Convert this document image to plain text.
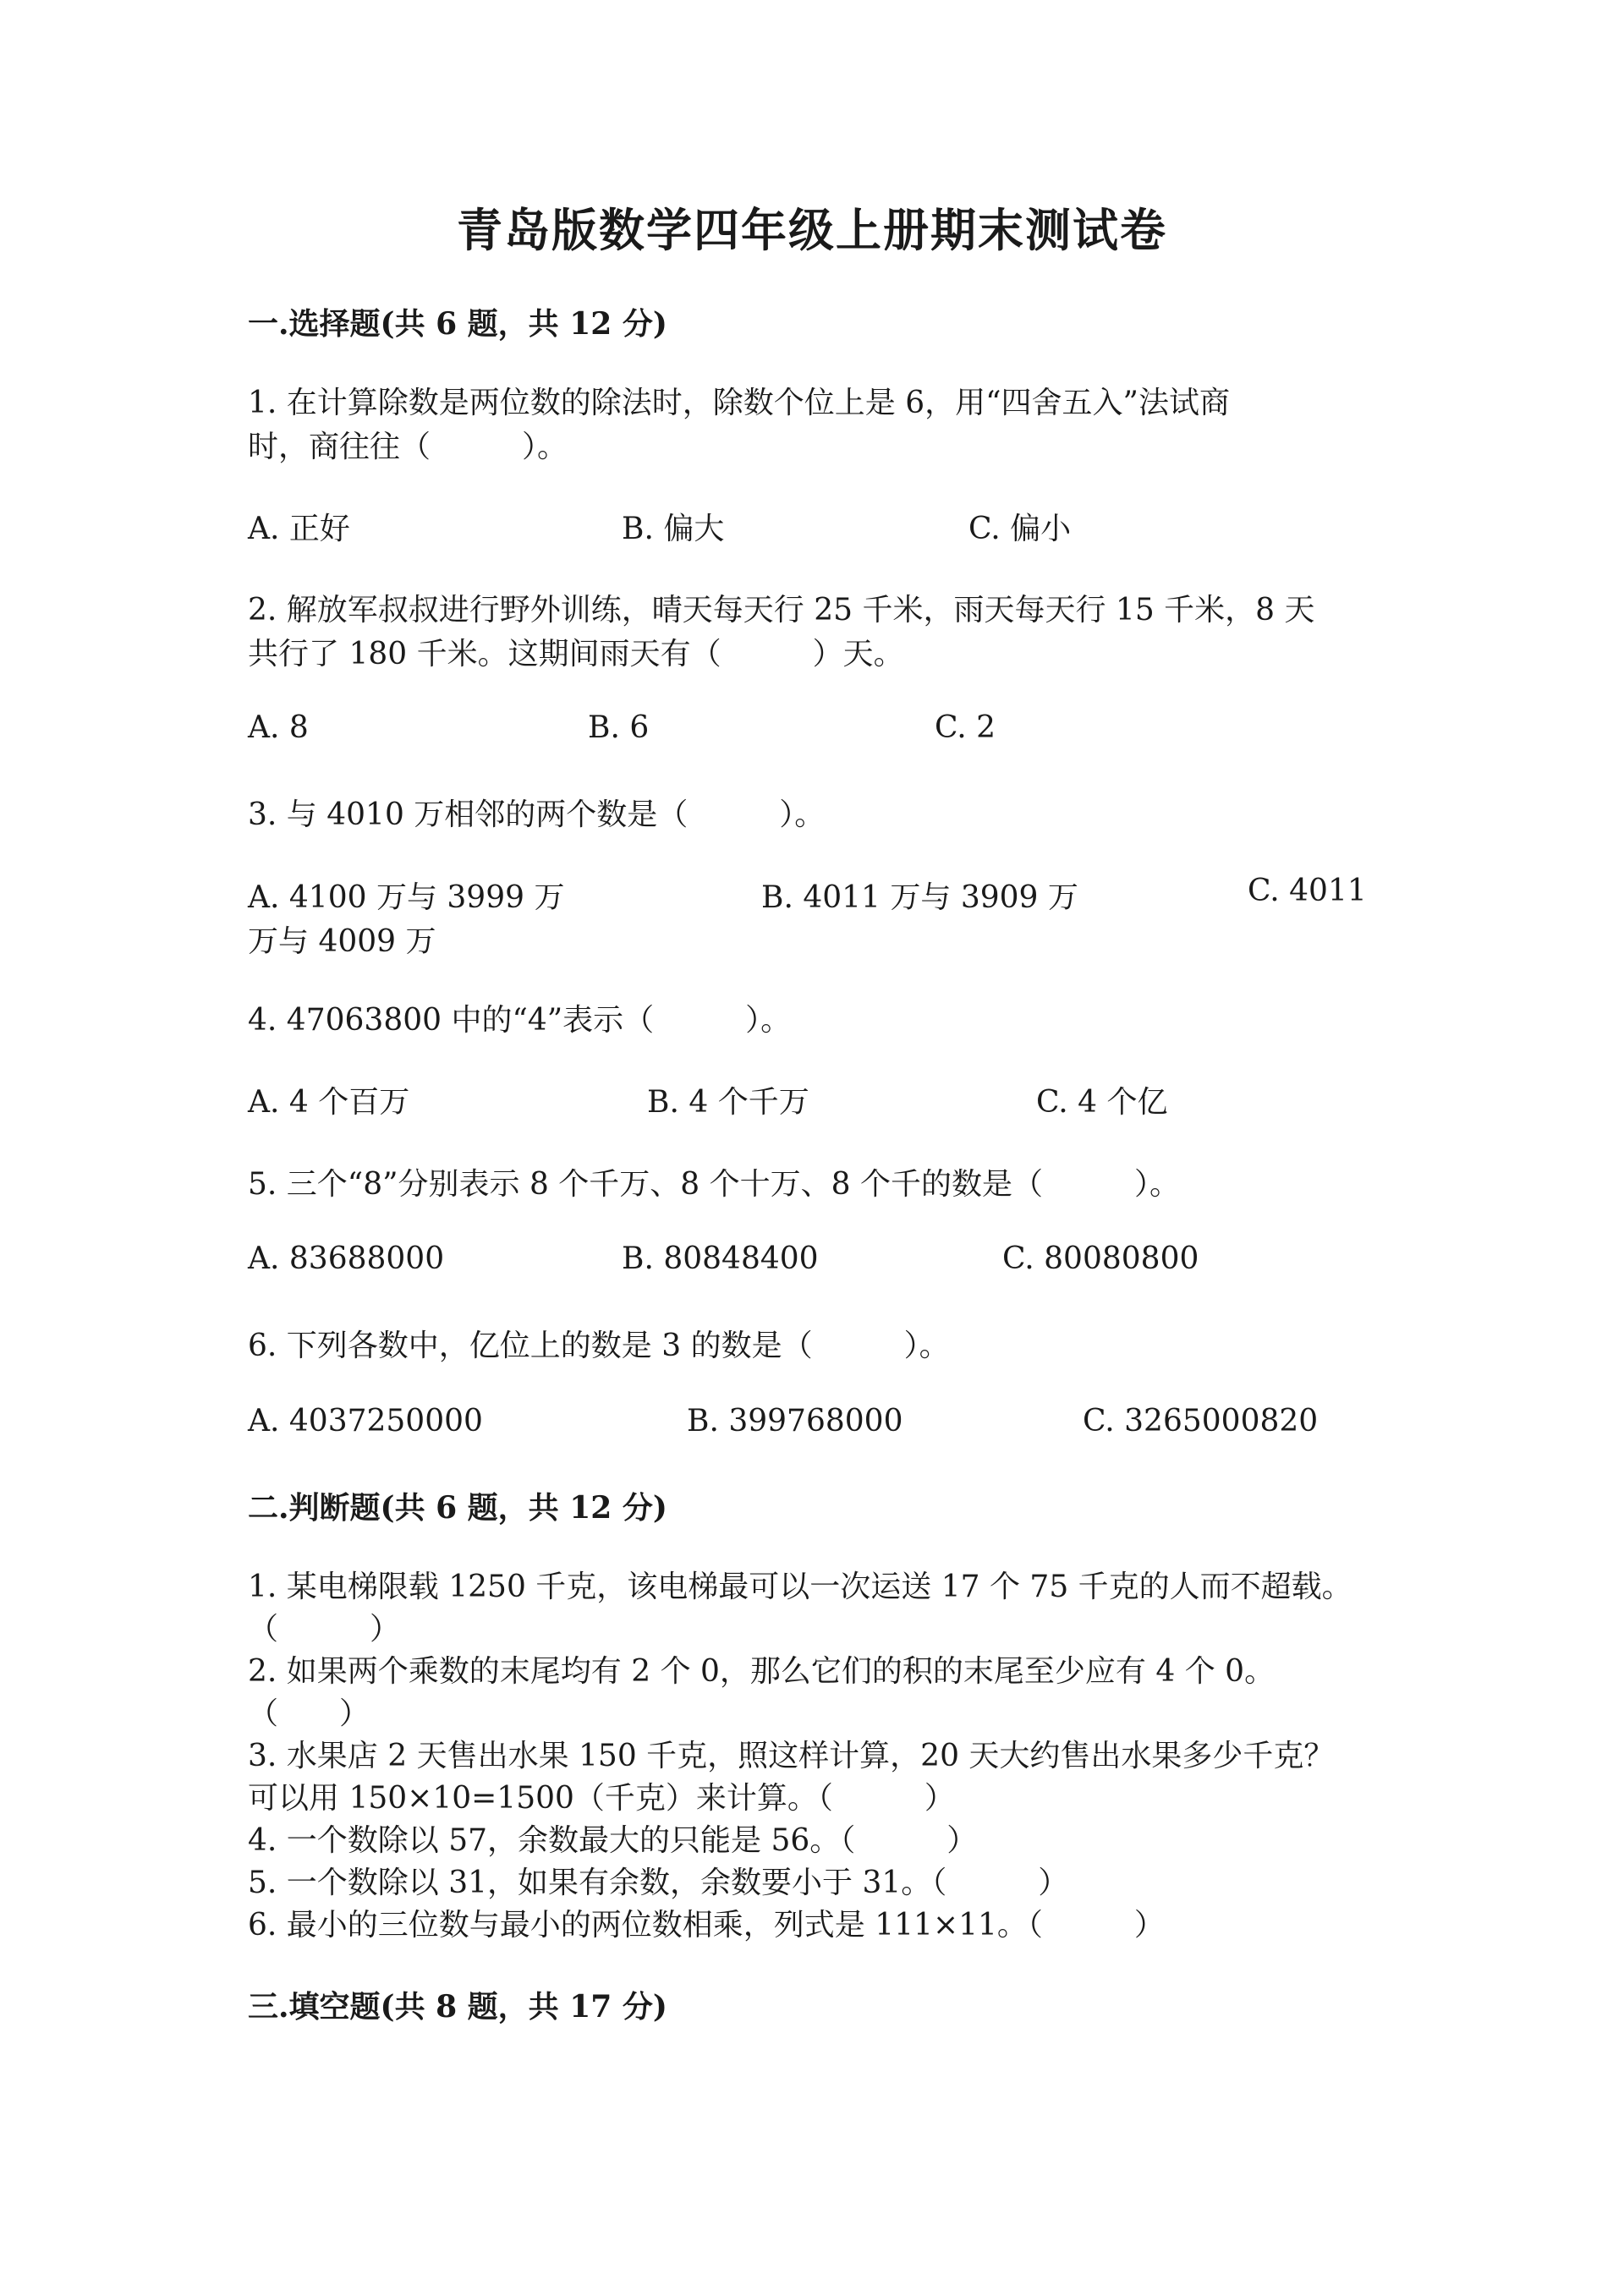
青岛版数学四年级上册期末测试卷
一.选择题(共 6 题，共 12 分)
1. 在计算除数是两位数的除法时，除数个位上是 6，用“四舍五入”法试商
时，商往往（　　　）。
A. 正好	B. 偏大	C. 偏小
2. 解放军叔叔进行野外训练，晴天每天行 25 千米，雨天每天行 15 千米，8 天
共行了 180 千米。这期间雨天有（　　　）天。
A. 8	B. 6	C. 2
3. 与 4010 万相邻的两个数是（　　　）。
A. 4100 万与 3999 万	B. 4011 万与 3909 万	C. 4011
万与 4009 万
4. 47063800 中的“4”表示（　　　）。
A. 4 个百万	B. 4 个千万	C. 4 个亿
5. 三个“8”分别表示 8 个千万、8 个十万、8 个千的数是（　　　）。
A. 83688000	B. 80848400	C. 80080800
6. 下列各数中，亿位上的数是 3 的数是（　　　）。
A. 4037250000	B. 399768000	C. 3265000820
二.判断题(共 6 题，共 12 分)
1. 某电梯限载 1250 千克，该电梯最可以一次运送 17 个 75 千克的人而不超载。
（　　　）
2. 如果两个乘数的末尾均有 2 个 0，那么它们的积的末尾至少应有 4 个 0。
（　　）
3. 水果店 2 天售出水果 150 千克，照这样计算，20 天大约售出水果多少千克？
可以用 150×10=1500（千克）来计算。（　　　）
4. 一个数除以 57，余数最大的只能是 56。（　　　）
5. 一个数除以 31，如果有余数，余数要小于 31。（　　　）
6. 最小的三位数与最小的两位数相乘，列式是 111×11。（　　　）
三.填空题(共 8 题，共 17 分)
